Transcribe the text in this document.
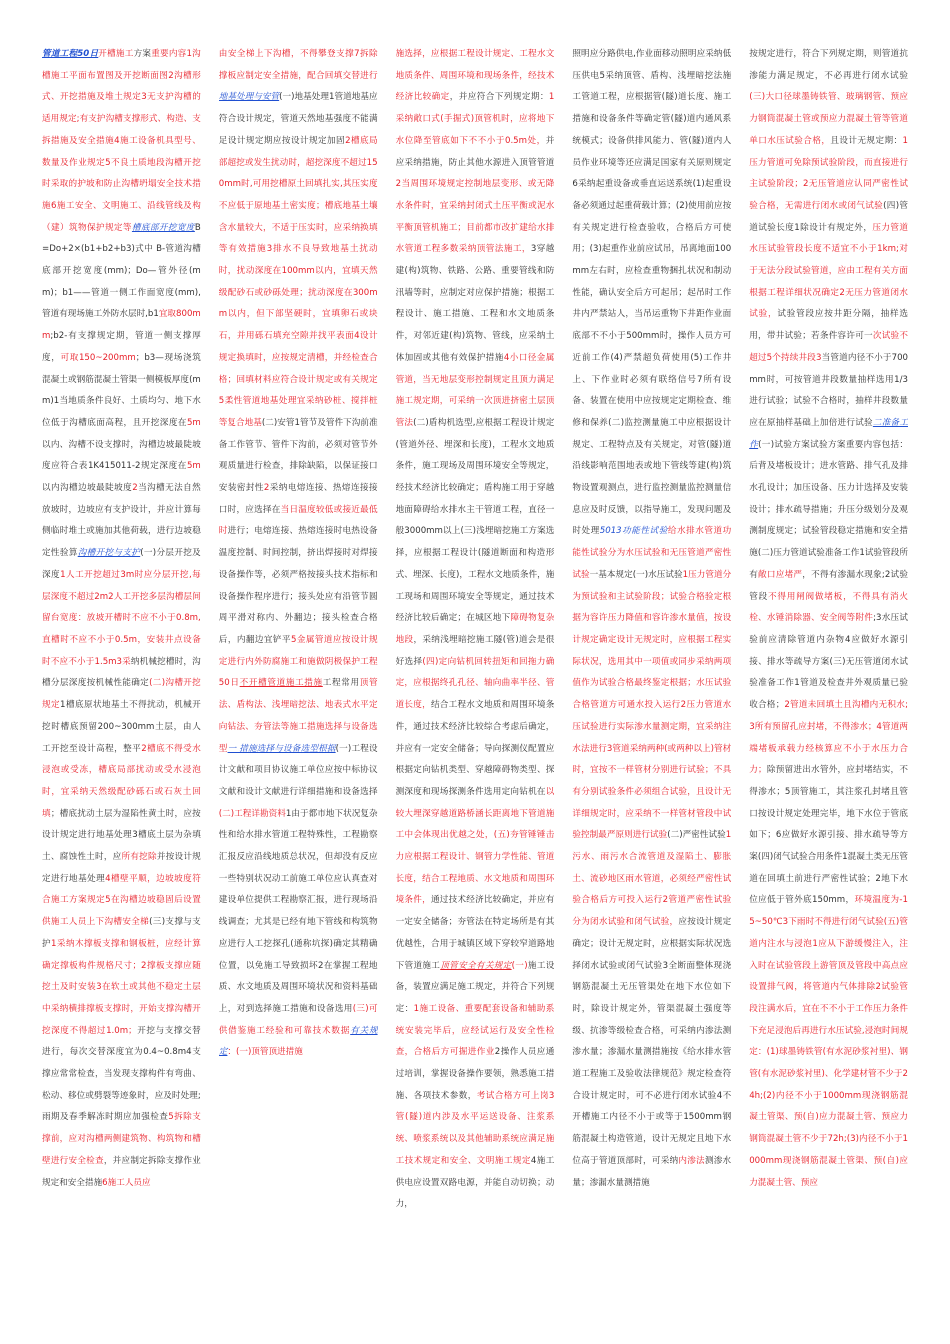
管道工程50日开槽施工方案重要内容1沟槽施工平面布置图及开挖断面图2沟槽形式、开挖措施及堆土规定3无支护沟槽的适用规定;有支护沟槽支撑形式、构造、支拆措施及安全措施4施工设备机具型号、数量及作业规定5不良土质地段沟槽开挖时采取的护坡和防止沟槽坍塌安全技术措施6施工安全、文明施工、沿线管线及构（建）筑物保护规定等槽底部开挖宽度B=Do+2×(b1+b2+b3)式中 B-管道沟槽底部开挖宽度(mm)；Do—管外径(mm)；b1——管道一侧工作面宽度(mm),管道有现场施工外防水层时,b1宜取800mm;b2-有支撑规定期，管道一侧支撑厚度，可取150~200mm；b3—现场浇筑混凝土或钢筋混凝土管渠一侧模板厚度(mm)1当地质条件良好、土质均匀、地下水位低于沟槽底面高程，且开挖深度在5m以内、沟槽不设支撑时，沟槽边坡最陡坡度应符合表1K415011-2规定深度在5m以内沟槽边坡最陡坡度2当沟槽无法自然放坡时，边坡应有支护设计，并应计算每侧临时堆土或施加其他荷载，进行边坡稳定性验算沟槽开挖与支护(一)分层开挖及深度1人工开挖超过3m时应分层开挖,每层深度不超过2m2人工开挖多层沟槽层间留台宽度：放坡开槽时不应不小于0.8m,直槽时不应不小于0.5m，安装井点设备时不应不小于1.5m3采纳机械挖槽时，沟槽分层深度按机械性能确定(二)沟槽开挖规定1槽底原状地基土不得扰动，机械开挖时槽底预留200~300mm土层，由人工开挖至设计高程，整平2槽底不得受水浸泡或受冻，槽底局部扰动或受水浸泡时，宜采纳天然级配砂砾石或石灰土回填；槽底扰动土层为湿陷性黄土时，应按设计规定进行地基处理3槽底土层为杂填土、腐蚀性土时，应所有挖除并按设计规定进行地基处理4槽壁平顺，边坡坡度符合施工方案规定5在沟槽边坡稳固后设置供施工人员上下沟槽安全梯(三)支撑与支护1采纳木撑板支撑和钢板桩，应经计算确定撑板构件规格尺寸；2撑板支撑应随挖土及时安装3在软土或其他不稳定土层中采纳横排撑板支撑时，开始支撑沟槽开挖深度不得超过1.0m；开挖与支撑交替进行，每次交替深度宜为0.4~0.8m4支撑应常常检查，当发现支撑构件有弯曲、松动、移位或劈裂等迹象时，应及时处理;雨期及春季解冻时期应加强检查5拆除支撑前，应对沟槽两侧建筑物、构筑物和槽壁进行安全检查，并应制定拆除支撑作业规定和安全措施6施工人员应
由安全梯上下沟槽，不得攀登支撑7拆除撑板应制定安全措施，配合回填交替进行地基处理与安管(一)地基处理1管道地基应符合设计规定，管道天然地基强度不能满足设计规定期应按设计规定加固2槽底局部超挖或发生扰动时，超挖深度不超过150mm时,可用挖槽原土回填扎实,其压实度不应低于原地基土密实度；槽底地基土壤含水量较大，不适于压实时，应采纳换填等有效措施3排水不良导致地基土扰动时，扰动深度在100mm以内，宜填天然级配砂石或砂砾处理；扰动深度在300mm以内，但下部坚硬时，宜填卵石或块石，并用砾石填充空隙并找平表面4设计规定换填时，应按规定清槽，并经检查合格；回填材料应符合设计规定或有关规定5柔性管道地基处理宜采纳砂桩、搅拌桩等复合地基(二)安管1管节及管件下沟前准备工作管节、管件下沟前，必须对管节外观质量进行检查，排除缺陷，以保证接口安装密封性2采纳电熔连接、热熔连接接口时，应选择在当日温度较低或接近最低时进行；电熔连接、热熔连接时电热设备温度控制、时间控制，挤出焊接时对焊接设备操作等，必须严格按接头技术指标和设备操作程序进行；接头处应有沿管节圆周平滑对称内、外翻边；接头检查合格后，内翻边宜铲平5金属管道应按设计规定进行内外防腐施工和施做阴极保护工程50日不开槽管道施工措施工程常用顶管法、盾构法、浅埋暗挖法、地表式水平定向钻法、夯管法等施工措施选择与设备选型一 措施选择与设备选型根据(一)工程设计文献和项目协议施工单位应按中标协议文献和设计文献进行详细措施和设备选择(二)工程详勘资料1由于都市地下状况复杂性和给水排水管道工程特殊性，工程勘察汇报反应沿线地质总状况，但却没有反应一些特别状况动工前施工单位应认真查对建设单位提供工程勘察汇报，进行现场沿线调查；尤其是已经有地下管线和构筑物应进行人工挖探孔(通称坑探)确定其精确位置，以免施工导致损坏2在掌握工程地质、水文地质及周围环境状况和资料基础上，对到选择施工措施和设备选用(三)可供借鉴施工经验和可靠技术数据有关规定：(一)顶管顶进措施
施选择，应根据工程设计规定、工程水文地质条件、周围环境和现场条件，经技术经济比较确定，并应符合下列规定期：1采纳敞口式(手掘式)顶管机时，应将地下水位降至管底如下不不小于0.5m处，并应采纳措施，防止其他水源进入顶管管道2当周围环境规定控制地层变形、或无降水条件时，宜采纳封闭式土压平衡或泥水平衡顶管机施工；目前都市改扩建给水排水管道工程多数采纳顶管法施工，3穿越建(构)筑物、铁路、公路、重要管线和防汛墙等时，应制定对应保护措施；根据工程设计、施工措施、工程和水文地质条件，对邻近建(构)筑物、管线，应采纳土体加固或其他有效保护措施4小口径金属管道，当无地层变形控制规定且顶力满足施工规定期，可采纳一次顶进挤密土层顶管法(二)盾构机选型,应根据工程设计规定(管道外径、埋深和长度)，工程水文地质条件，施工现场及周围环境安全等规定，经技术经济比较确定；盾构施工用于穿越地面障碍给水排水主干管道工程，直径一般3000mm以上(三)浅埋暗挖施工方案选择，应根据工程设计(隧道断面和构造形式、埋深、长度)，工程水文地质条件，施工现场和周围环境安全等规定，通过技术经济比较后确定；在城区地下障碍物复杂地段，采纳浅埋暗挖施工隧(管)道会是很好选择(四)定向钻机回转扭矩和回拖力确定，应根据终孔孔径、轴向曲率半径、管道长度，结合工程水文地质和周围环境条件，通过技术经济比较综合考虑后确定，并应有一定安全储备；导向探测仪配置应根据定向钻机类型、穿越障碍物类型、探测深度和现场探测条件选用定向钻机在以较大埋深穿越道路桥涵长距离地下管道施工中会体现出优越之处，(五)夯管锤锤击力应根据工程设计、钢管力学性能、管道长度，结合工程地质、水文地质和周围环境条件，通过技术经济比较确定，并应有一定安全储备；夯管法在特定场所是有其优越性，合用于城镇区域下穿较窄道路地下管道施工顶管安全有关规定(一)施工设备，装置应满足施工规定，并符合下列规定：1施工设备、重要配套设备和辅助系统安装完毕后，应经试运行及安全性检查，合格后方可掘进作业2操作人员应通过培训，掌握设备操作要领，熟悉施工措施、各项技术参数，考试合格方可上岗3管(隧)道内涉及水平运送设备、注浆系统、喷浆系统以及其他辅助系统应满足施工技术规定和安全、文明施工规定4施工供电应设置双路电源，并能自动切换；动力，
照明应分路供电,作业面移动照明应采纳低压供电5采纳顶管、盾构、浅埋暗挖法施工管道工程，应根据管(隧)道长度、施工措施和设备条件等确定管(隧)道内通风系统模式；设备供排风能力、管(隧)道内人员作业环境等还应满足国家有关原则规定6采纳起重设备或垂直运送系统(1)起重设备必须通过起重荷载计算；(2)使用前应按有关规定进行检查验收，合格后方可使用；(3)起重作业前应试吊，吊离地面100mm左右时，应检查重物捆扎状况和制动性能，确认安全后方可起吊；起吊时工作井内严禁站人，当吊运重物下井距作业面底部不不小于500mm时，操作人员方可近前工作(4)严禁超负荷使用(5)工作井上、下作业时必须有联络信号7所有设备、装置在使用中应按规定定期检查、维修和保养(二)监控测量施工中应根据设计规定、工程特点及有关规定，对管(隧)道沿线影响范围地表或地下管线等建(构)筑物设置观测点，进行监控测量监控测量信息应及时反馈，以指导施工，发现问题及时处理5013功能性试验给水排水管道功能性试验分为水压试验和无压管道严密性试验一基本规定(一)水压试验1压力管道分为预试验和主试验阶段；试验合格验定根据为容许压力降值和容许渗水量值，按设计规定确定设计无规定时，应根据工程实际状况，选用其中一项值或同步采纳两项值作为试验合格最终鉴定根据；水压试验合格管道方可通水投入运行2压力管道水压试验进行实际渗水量测定期，宜采纳注水法进行3管道采纳两种(或两种以上)管材时，宜按不一样管材分别进行试验；不具有分别试验条件必须组合试验，且设计无详细规定时，应采纳不一样管材管段中试验控制最严原则进行试验(二)严密性试验1污水、雨污水合流管道及湿陷土、膨胀土、流砂地区雨水管道，必须经严密性试验合格后方可投入运行2管道严密性试验分为闭水试验和闭气试验，应按设计规定确定；设计无规定时，应根据实际状况选择闭水试验或闭气试验3全断面整体现浇钢筋混凝土无压管渠处在地下水位如下时，除设计规定外，管渠混凝土强度等级、抗渗等级检查合格，可采纳内渗法测渗水量；渗漏水量测措施按《给水排水管道工程施工及验收法律规范》规定检查符合设计规定时，可不必进行闭水试验4不开槽施工内径不小于或等于1500mm钢筋混凝土构造管道，设计无规定且地下水位高于管道顶部时，可采纳内渗法测渗水量；渗漏水量测措施
按规定进行，符合下列规定期，则管道抗渗能力满足规定，不必再进行闭水试验(三)大口径球墨铸铁管、玻璃钢管、预应力钢筒混凝土管或预应力混凝土管等管道单口水压试验合格，且设计无规定期：1压力管道可免除预试验阶段，而直接进行主试验阶段；2无压管道应认同严密性试验合格，无需进行闭水或闭气试验(四)管道试验长度1除设计有规定外，压力管道水压试验管段长度不适宜不小于1km;对于无法分段试验管道，应由工程有关方面根据工程详细状况确定2无压力管道闭水试验，试验管段应按井距分隔，抽样选用，带井试验；若条件容许可一次试验不超过5个持续井段3当管道内径不小于700mm时，可按管道井段数量抽样选用1/3进行试验；试验不合格时，抽样井段数量应在原抽样基础上加倍进行试验二准备工作(一)试验方案试验方案重要内容包括：后背及堵板设计；进水管路、排气孔及排水孔设计；加压设备、压力计选择及安装设计；排水疏导措施；升压分级划分及观测制度规定；试验管段稳定措施和安全措施(二)压力管道试验准备工作1试验管段所有敞口应堵严，不得有渗漏水现象;2试验管段不得用闸阀做堵板，不得具有消火栓、水锤消除器、安全阀等附件;3水压试验前应清除管道内杂物4应做好水源引接、排水等疏导方案(三)无压管道闭水试验准备工作1管道及检查井外观质量已验收合格；2管道未回填土且沟槽内无积水;3所有预留孔应封堵，不得渗水；4管道两端堵板承载力经核算应不小于水压力合力；除预留进出水管外，应封堵结实，不得渗水；5顶管施工，其注浆孔封堵且管口按设计规定处理完毕，地下水位于管底如下；6应做好水源引接、排水疏导等方案(四)闭气试验合用条件1混凝土类无压管道在回填土前进行严密性试验；2地下水位应低于管外底150mm，环境温度为-15~50℃3下雨时不得进行闭气试验(五)管道内注水与浸泡1应从下游缓慢注入，注入时在试验管段上游管顶及管段中高点应设置排气阀，将管道内气体排除2试验管段注满水后，宜在不不小于工作压力条件下充足浸泡后再进行水压试验,浸泡时间规定：(1)球墨铸铁管(有水泥砂浆衬里)、钢管(有水泥砂浆衬里)、化学建材管不少于24h;(2)内径不小于1000mm现浇钢筋混凝土管渠、预(自)应力混凝土管、预应力钢筒混凝土管不少于72h;(3)内径不小于1000mm现浇钢筋混凝土管渠、预(自)应力混凝土管、预应
